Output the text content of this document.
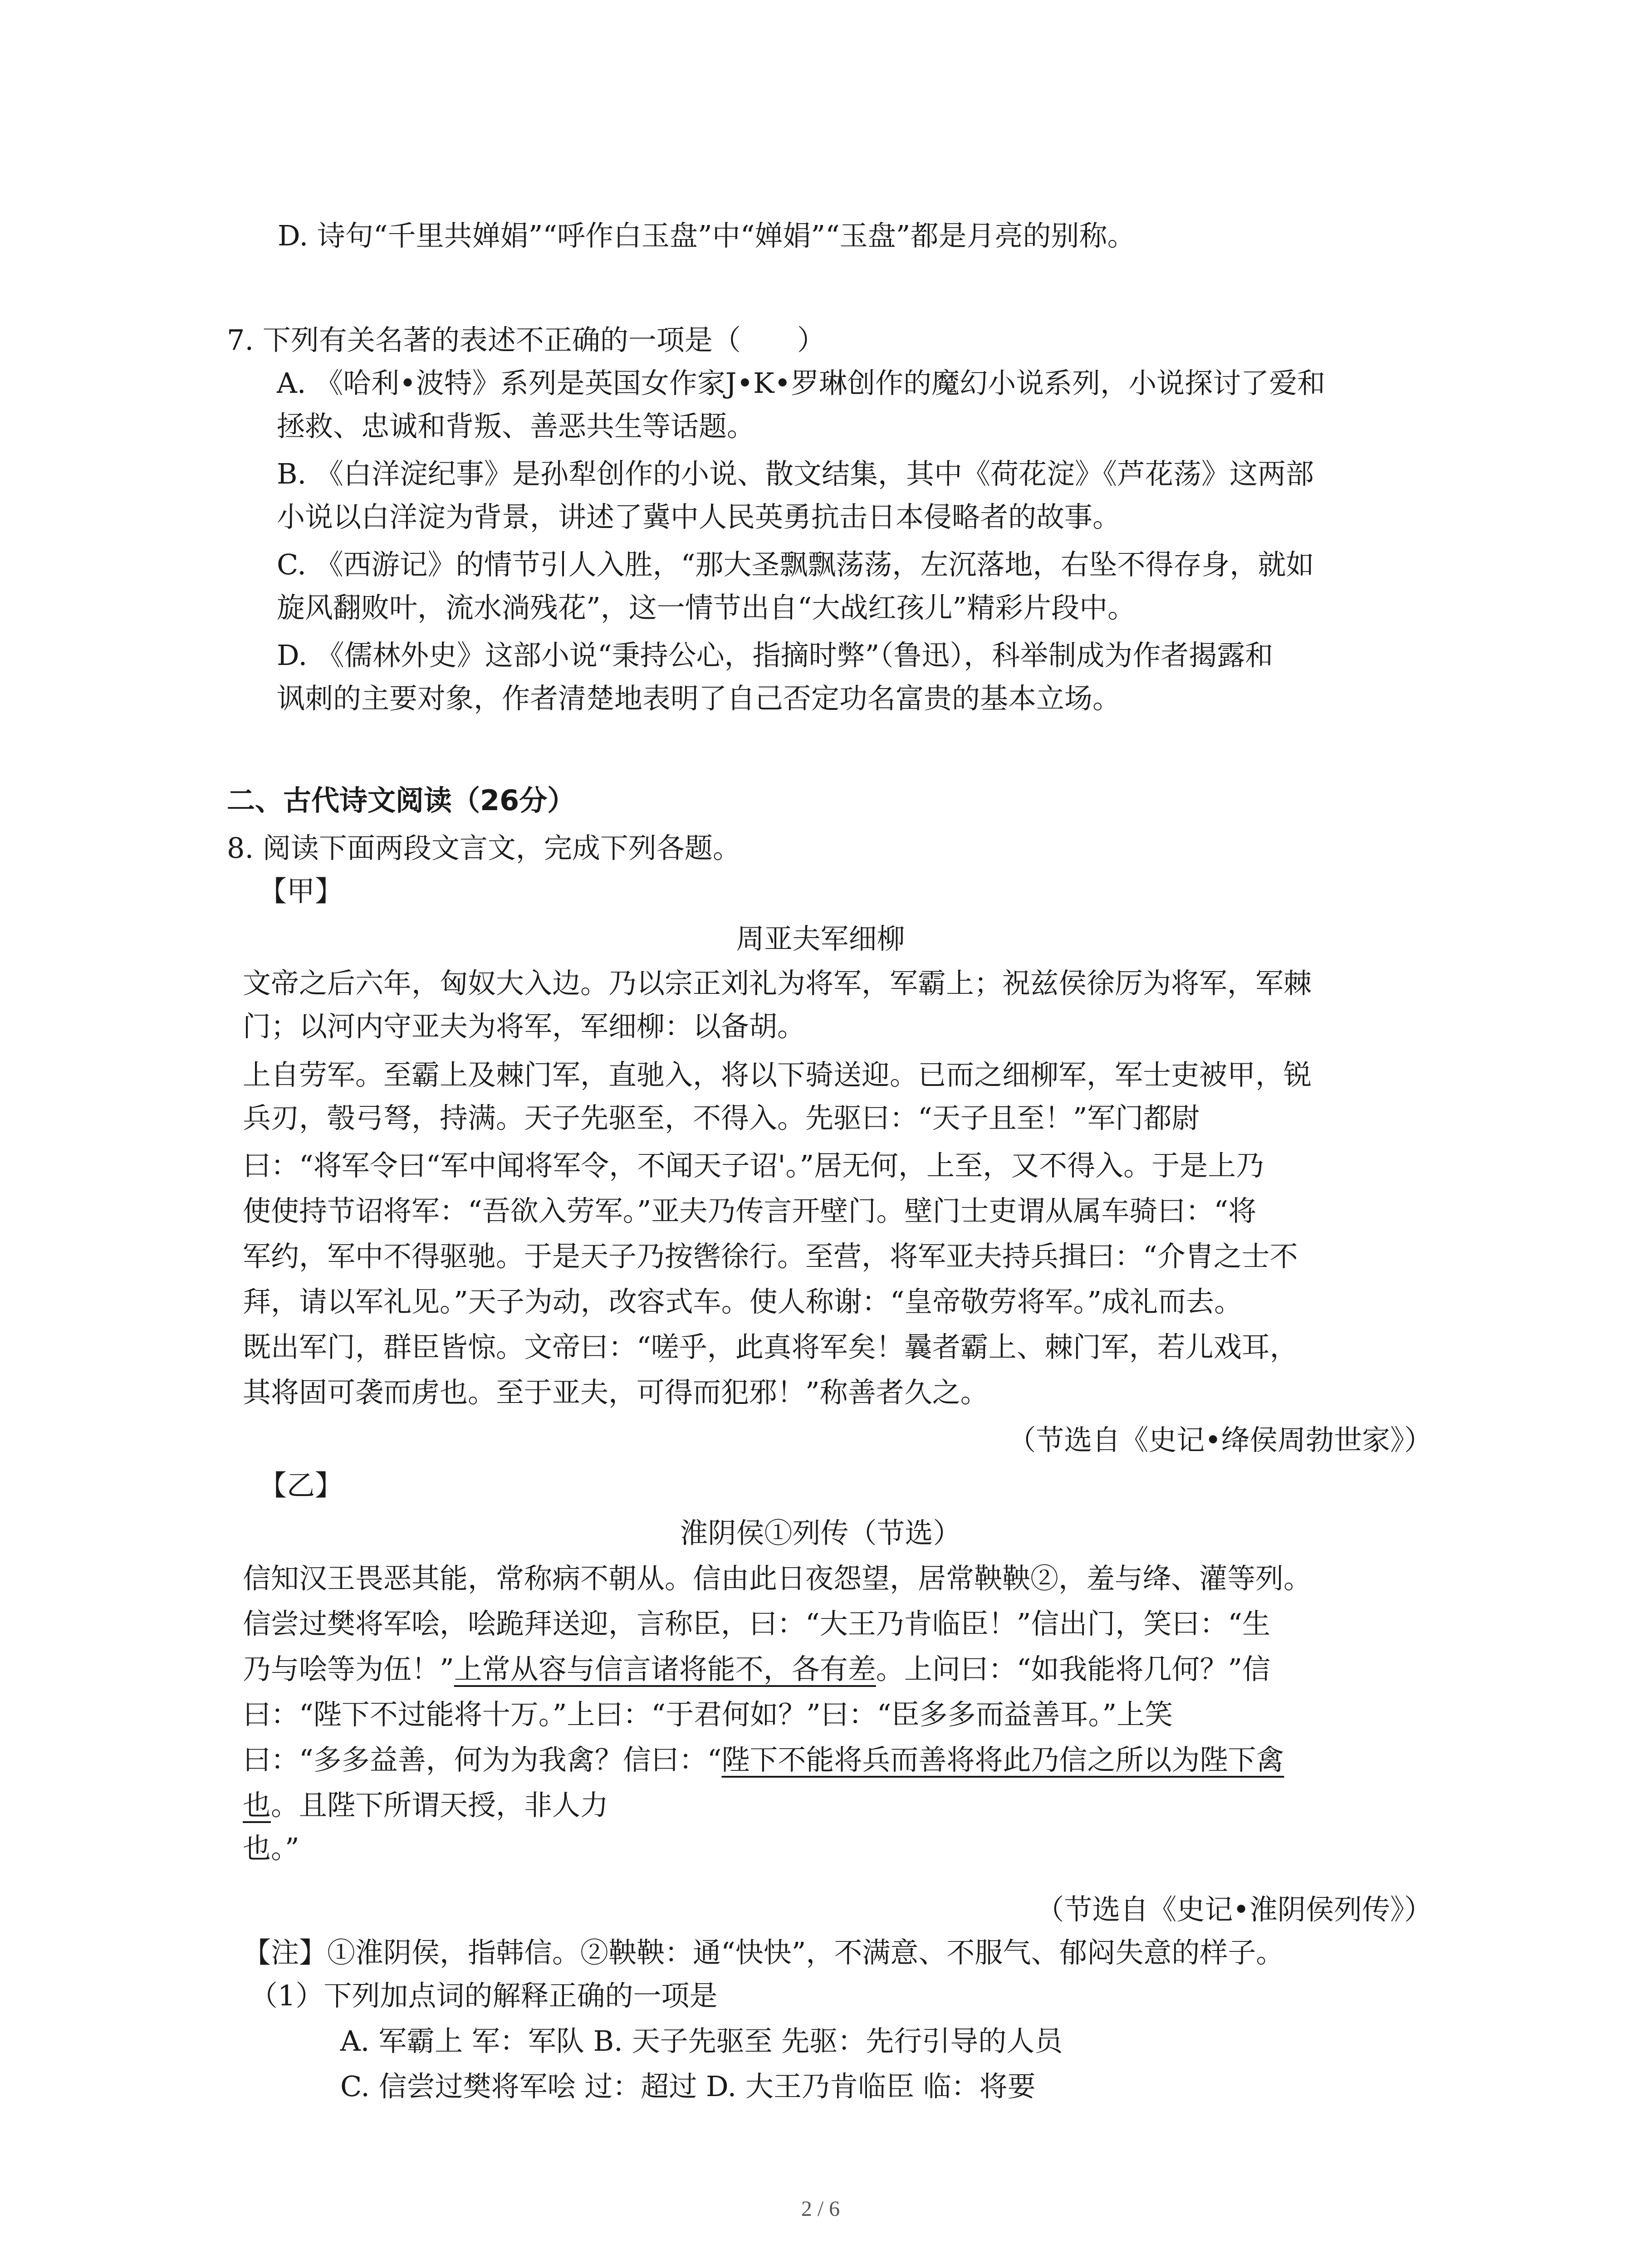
D. 诗句“千里共婵娟”“呼作白玉盘”中“婵娟”“玉盘”都是月亮的别称。
7. 下列有关名著的表述不正确的一项是（　　）
A. 《哈利•波特》系列是英国女作家J•K•罗琳创作的魔幻小说系列，小说探讨了爱和
拯救、忠诚和背叛、善恶共生等话题。
B. 《白洋淀纪事》是孙犁创作的小说、散文结集，其中《荷花淀》《芦花荡》这两部
小说以白洋淀为背景，讲述了冀中人民英勇抗击日本侵略者的故事。
C. 《西游记》的情节引人入胜，“那大圣飘飘荡荡，左沉落地，右坠不得存身，就如
旋风翻败叶，流水淌残花”，这一情节出自“大战红孩儿”精彩片段中。
D. 《儒林外史》这部小说“秉持公心，指摘时弊”（鲁迅），科举制成为作者揭露和
讽刺的主要对象，作者清楚地表明了自己否定功名富贵的基本立场。
二、古代诗文阅读（26分）
8. 阅读下面两段文言文，完成下列各题。
【甲】
周亚夫军细柳
文帝之后六年，匈奴大入边。乃以宗正刘礼为将军，军霸上；祝兹侯徐厉为将军，军棘
门；以河内守亚夫为将军，军细柳：以备胡。
上自劳军。至霸上及棘门军，直驰入，将以下骑送迎。已而之细柳军，军士吏被甲，锐
兵刃，彀弓弩，持满。天子先驱至，不得入。先驱曰：“天子且至！”军门都尉
曰：“将军令曰“军中闻将军令，不闻天子诏'。”居无何，上至，又不得入。于是上乃
使使持节诏将军：“吾欲入劳军。”亚夫乃传言开壁门。壁门士吏谓从属车骑曰：“将
军约，军中不得驱驰。于是天子乃按辔徐行。至营，将军亚夫持兵揖曰：“介胄之士不
拜，请以军礼见。”天子为动，改容式车。使人称谢：“皇帝敬劳将军。”成礼而去。
既出军门，群臣皆惊。文帝曰：“嗟乎，此真将军矣！曩者霸上、棘门军，若儿戏耳，
其将固可袭而虏也。至于亚夫，可得而犯邪！”称善者久之。
（节选自《史记•绛侯周勃世家》）
【乙】
淮阴侯①列传（节选）
信知汉王畏恶其能，常称病不朝从。信由此日夜怨望，居常鞅鞅②，羞与绛、灌等列。
信尝过樊将军哙，哙跪拜送迎，言称臣，曰：“大王乃肯临臣！”信出门，笑曰：“生
乃与哙等为伍！”上常从容与信言诸将能不，各有差。上问曰：“如我能将几何？”信
曰：“陛下不过能将十万。”上曰：“于君何如？”曰：“臣多多而益善耳。”上笑
曰：“多多益善，何为为我禽？信曰：“陛下不能将兵而善将将此乃信之所以为陛下禽
也。且陛下所谓天授，非人力
也。”
（节选自《史记•淮阴侯列传》）
【注】①淮阴侯，指韩信。②鞅鞅：通“快快”，不满意、不服气、郁闷失意的样子。
（1）下列加点词的解释正确的一项是
A. 军霸上 军：军队 B. 天子先驱至 先驱：先行引导的人员
C. 信尝过樊将军哙 过：超过 D. 大王乃肯临臣 临：将要
2 / 6
